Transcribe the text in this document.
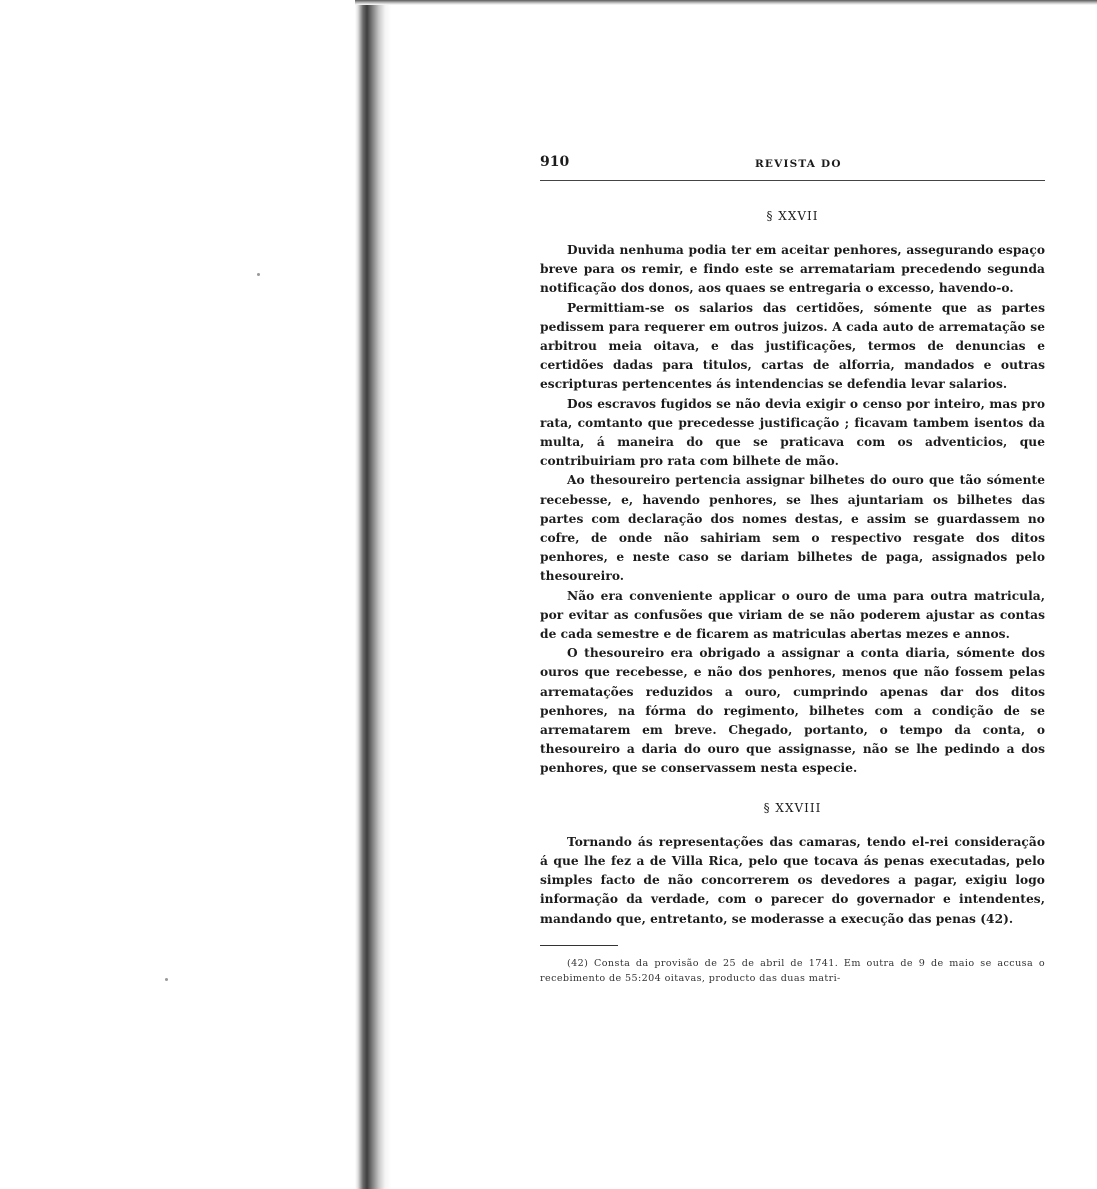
910	REVISTA DO
§ XXVII

Duvida nenhuma podia ter em aceitar penhores, assegurando espaço breve para os remir, e findo este se arrematariam precedendo segunda notificação dos donos, aos quaes se entregaria o excesso, havendo-o.

Permittiam-se os salarios das certidões, sómente que as partes pedissem para requerer em outros juizos. A cada auto de arrematação se arbitrou meia oitava, e das justificações, termos de denuncias e certidões dadas para titulos, cartas de alforria, mandados e outras escripturas pertencentes ás intendencias se defendia levar salarios.

Dos escravos fugidos se não devia exigir o censo por inteiro, mas pro rata, comtanto que precedesse justificação ; ficavam tambem isentos da multa, á maneira do que se praticava com os adventicios, que contribuiriam pro rata com bilhete de mão.

Ao thesoureiro pertencia assignar bilhetes do ouro que tão sómente recebesse, e, havendo penhores, se lhes ajuntariam os bilhetes das partes com declaração dos nomes destas, e assim se guardassem no cofre, de onde não sahiriam sem o respectivo resgate dos ditos penhores, e neste caso se dariam bilhetes de paga, assignados pelo thesoureiro.

Não era conveniente applicar o ouro de uma para outra matricula, por evitar as confusões que viriam de se não poderem ajustar as contas de cada semestre e de ficarem as matriculas abertas mezes e annos.

O thesoureiro era obrigado a assignar a conta diaria, sómente dos ouros que recebesse, e não dos penhores, menos que não fossem pelas arrematações reduzidos a ouro, cumprindo apenas dar dos ditos penhores, na fórma do regimento, bilhetes com a condição de se arrematarem em breve. Chegado, portanto, o tempo da conta, o thesoureiro a daria do ouro que assignasse, não se lhe pedindo a dos penhores, que se conservassem nesta especie.

§ XXVIII

Tornando ás representações das camaras, tendo el-rei consideração á que lhe fez a de Villa Rica, pelo que tocava ás penas executadas, pelo simples facto de não concorrerem os devedores a pagar, exigiu logo informação da verdade, com o parecer do governador e intendentes, mandando que, entretanto, se moderasse a execução das penas (42).

(42) Consta da provisão de 25 de abril de 1741. Em outra de 9 de maio se accusa o recebimento de 55:204 oitavas, producto das duas matri-
